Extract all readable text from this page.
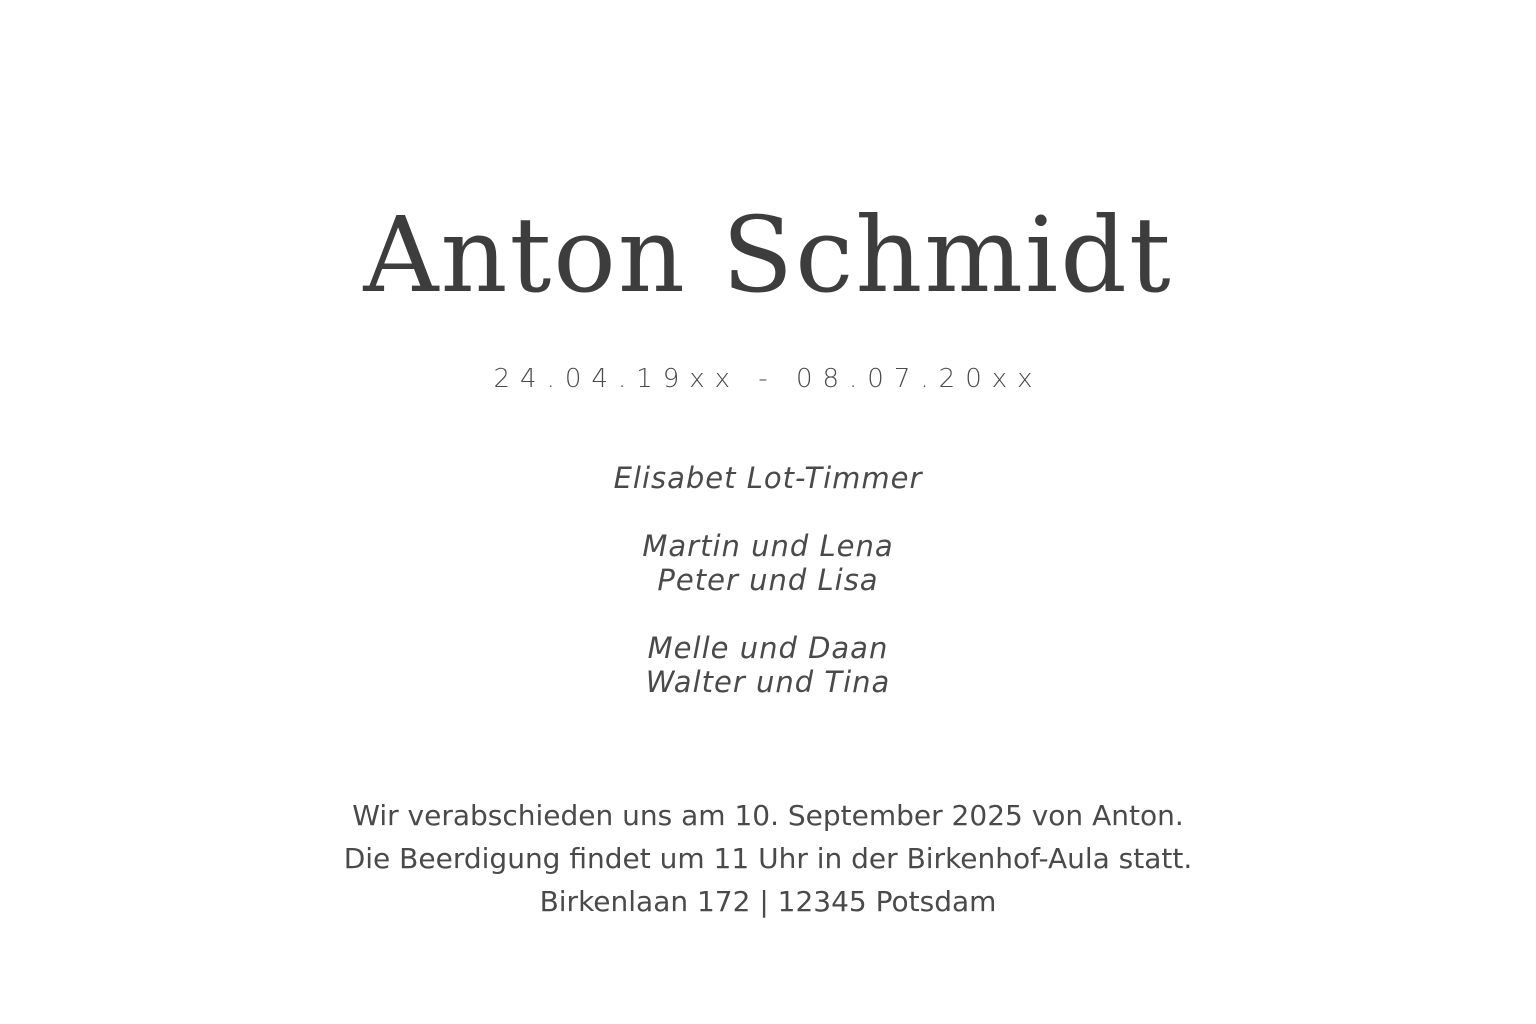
Anton Schmidt
24.04.19xx - 08.07.20xx
Elisabet Lot-Timmer
Martin und Lena
Peter und Lisa
Melle und Daan
Walter und Tina
Wir verabschieden uns am 10. September 2025 von Anton.
Die Beerdigung findet um 11 Uhr in der Birkenhof-Aula statt.
Birkenlaan 172 | 12345 Potsdam
